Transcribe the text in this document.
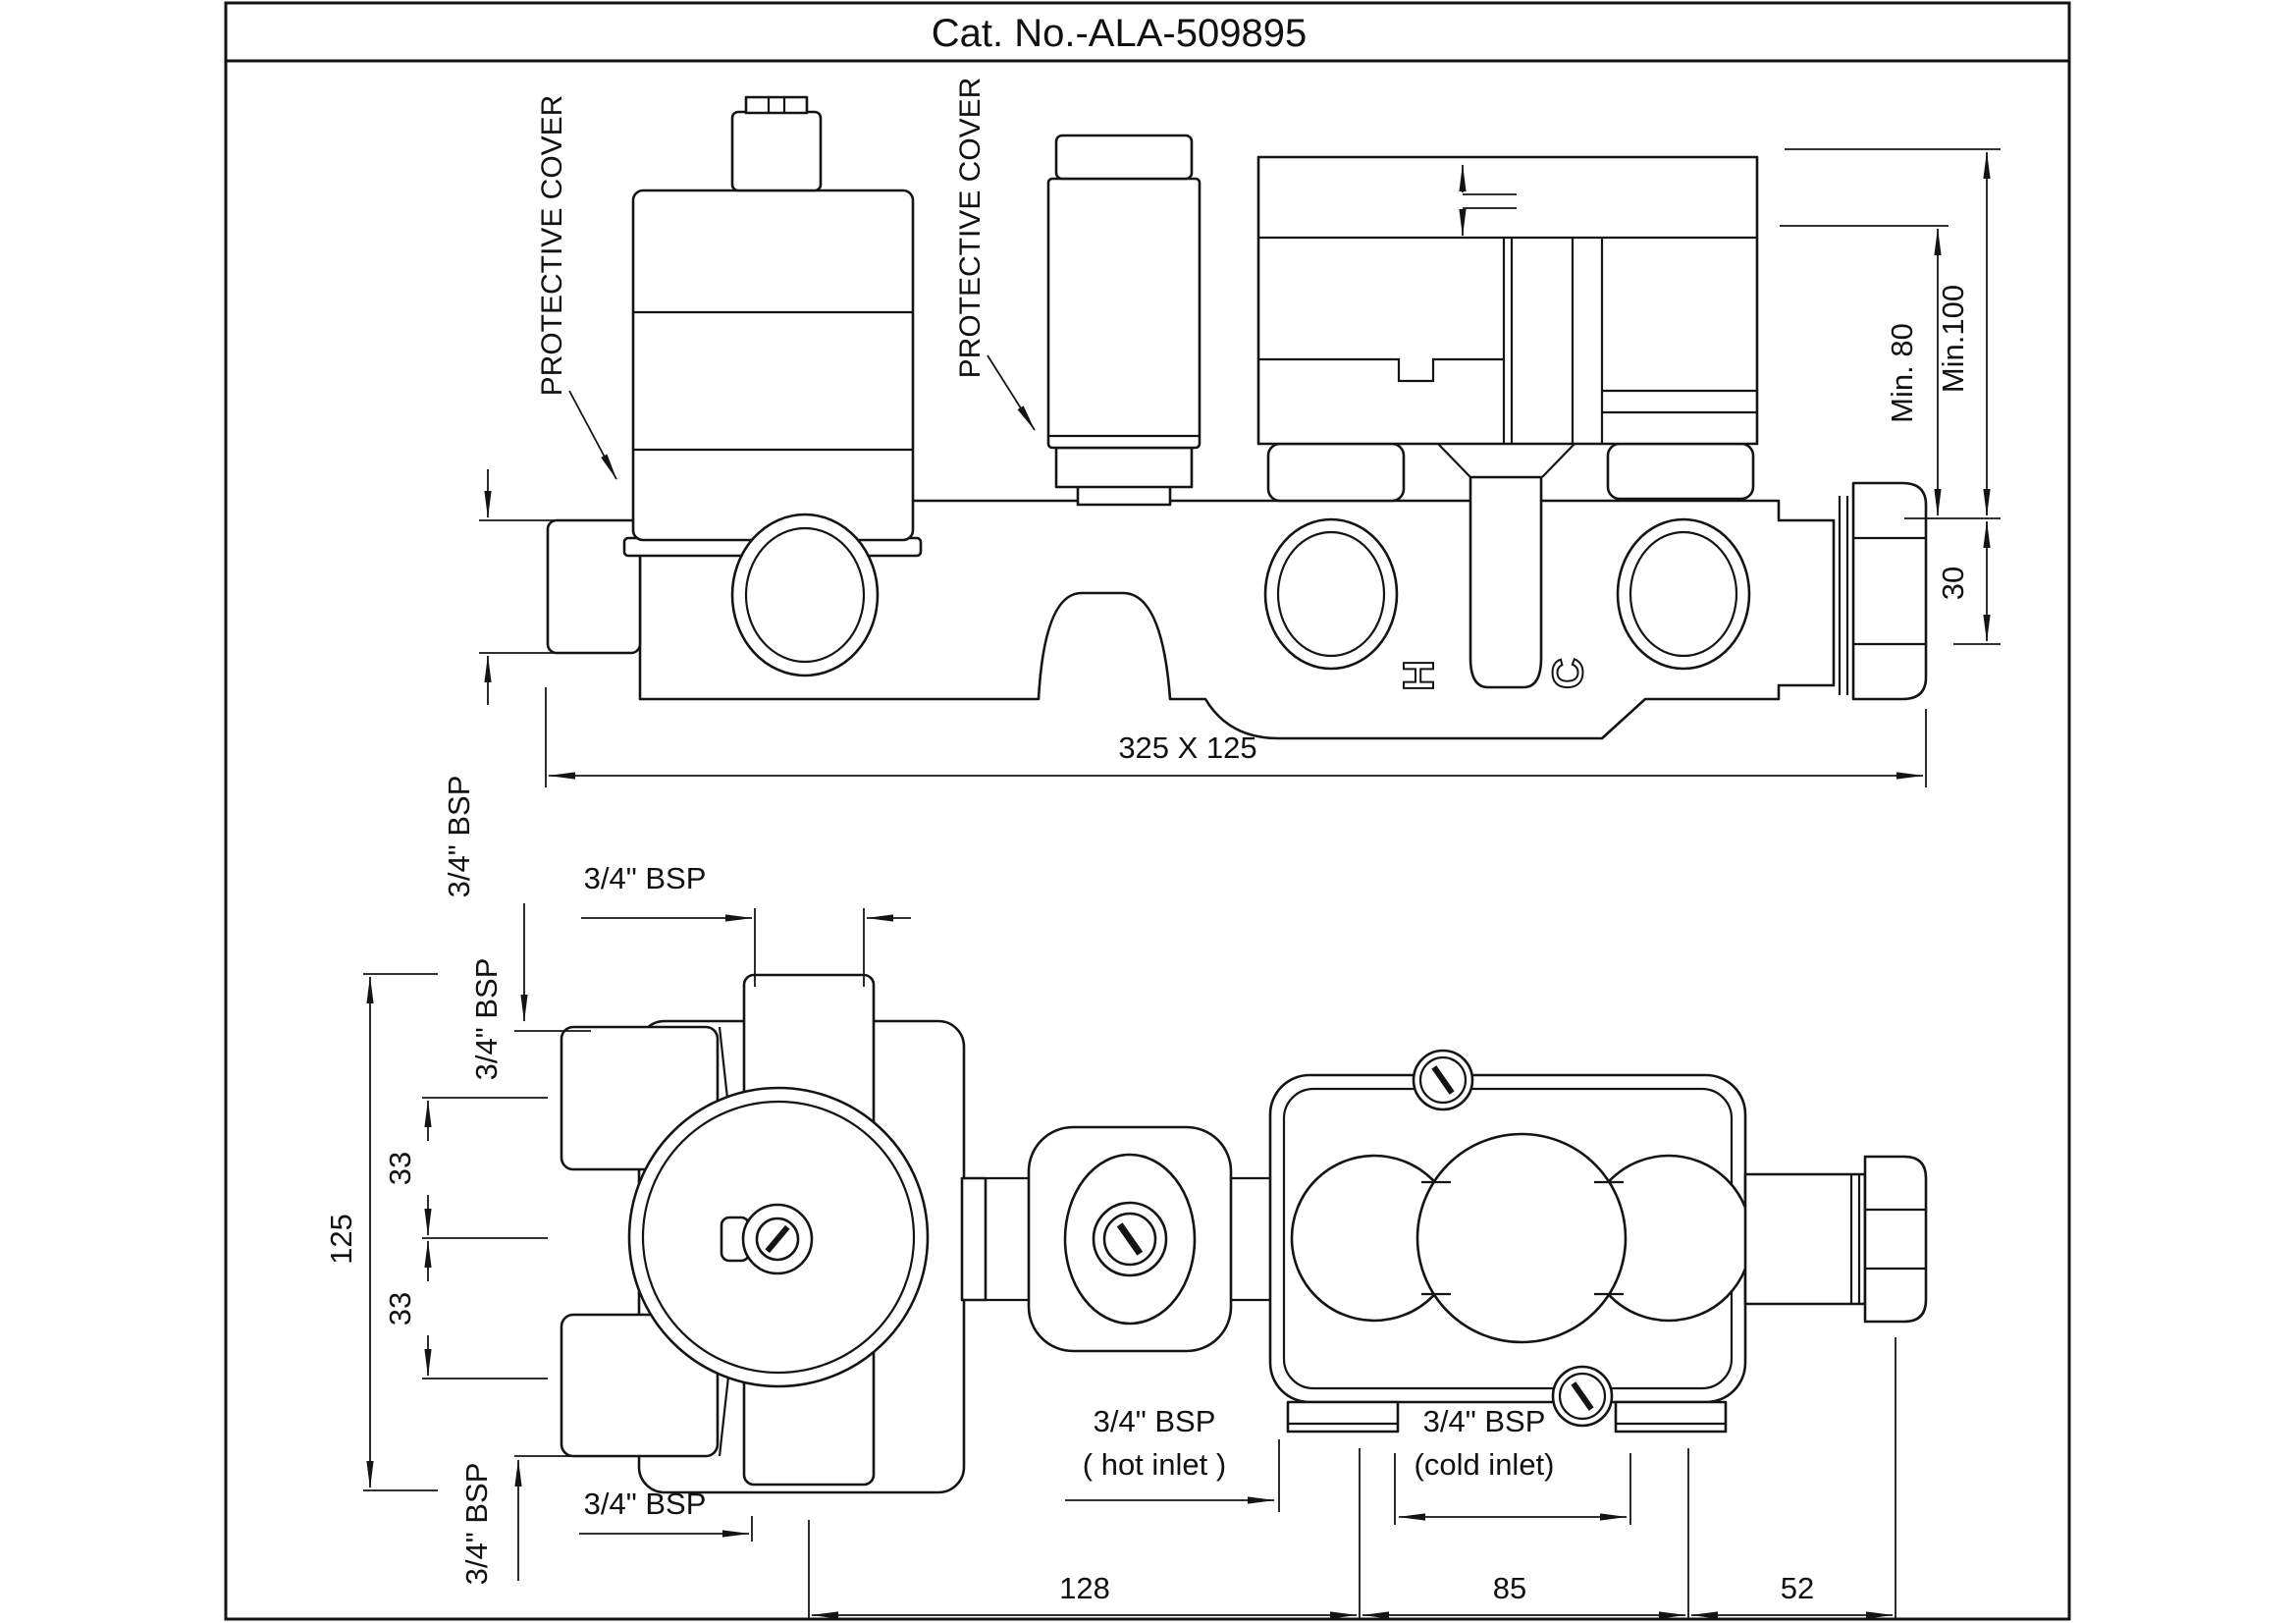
Cat. No.-ALA-509895
H C
PROTECTIVE COVER	PROTECTIVE COVER
3/4" BSP
325 X 125
Min. 80 Min.100
30
3/4" BSP
3/4" BSP
125
33
33
3/4" BSP	3/4" BSP
3/4" BSP
( hot inlet )
3/4" BSP
(cold inlet)
128	85	52
